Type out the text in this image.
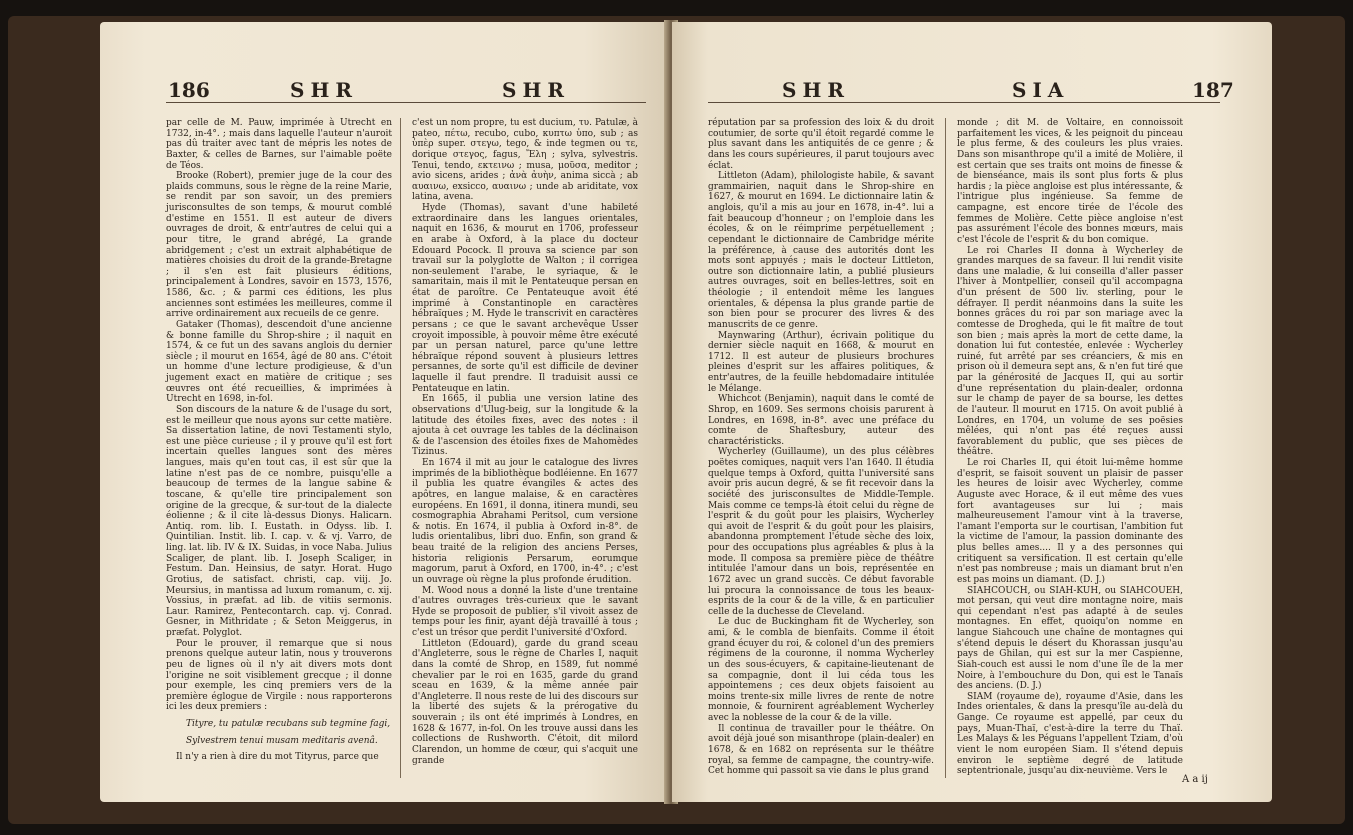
186	SHR	SHR

par celle de M. Pauw, imprimée à Utrecht en 1732, in-4°. ; mais dans laquelle l'auteur n'auroit pas dû traiter avec tant de mépris les notes de Baxter, & celles de Barnes, sur l'aimable poëte de Téos.

Brooke (Robert), premier juge de la cour des plaids communs, sous le règne de la reine Marie, se rendit par son savoir, un des premiers jurisconsultes de son temps, & mourut comblé d'estime en 1551. Il est auteur de divers ouvrages de droit, & entr'autres de celui qui a pour titre, le grand abrégé, La grande abridgement ; c'est un extrait alphabétique de matières choisies du droit de la grande-Bretagne ; il s'en est fait plusieurs éditions, principalement à Londres, savoir en 1573, 1576, 1586, &c. ; & parmi ces éditions, les plus anciennes sont estimées les meilleures, comme il arrive ordinairement aux recueils de ce genre.

Gataker (Thomas), descendoit d'une ancienne & bonne famille du Shrop-shire ; il naquit en 1574, & ce fut un des savans anglois du dernier siècle ; il mourut en 1654, âgé de 80 ans. C'étoit un homme d'une lecture prodigieuse, & d'un jugement exact en matière de critique ; ses œuvres ont été recueillies, & imprimées à Utrecht en 1698, in-fol.

Son discours de la nature & de l'usage du sort, est le meilleur que nous ayons sur cette matière. Sa dissertation latine, de novi Testamenti stylo, est une pièce curieuse ; il y prouve qu'il est fort incertain quelles langues sont des mères langues, mais qu'en tout cas, il est sûr que la latine n'est pas de ce nombre, puisqu'elle a beaucoup de termes de la langue sabine & toscane, & qu'elle tire principalement son origine de la grecque, & sur-tout de la dialecte éolienne ; & il cite là-dessus Dionys. Halicarn. Antiq. rom. lib. I. Eustath. in Odyss. lib. I. Quintilian. Instit. lib. I. cap. v. & vj. Varro, de ling. lat. lib. IV & IX. Suidas, in voce Naba. Julius Scaliger, de plant. lib. I. Joseph Scaliger, in Festum. Dan. Heinsius, de satyr. Horat. Hugo Grotius, de satisfact. christi, cap. viij. Jo. Meursius, in mantissa ad luxum romanum, c. xij. Vossius, in præfat. ad lib. de vitiis sermonis. Laur. Ramirez, Pentecontarch. cap. vj. Conrad. Gesner, in Mithridate ; & Seton Meiggerus, in præfat. Polyglot.

Pour le prouver, il remarque que si nous prenons quelque auteur latin, nous y trouverons peu de lignes où il n'y ait divers mots dont l'origine ne soit visiblement grecque ; il donne pour exemple, les cinq premiers vers de la première églogue de Virgile : nous rapporterons ici les deux premiers :

Tityre, tu patulæ recubans sub tegmine fagi,
Sylvestrem tenui musam meditaris avenâ.

Il n'y a rien à dire du mot Tityrus, parce que

c'est un nom propre, tu est ducium, τυ. Patulæ, à pateo, πέτω, recubo, cubo, κυπτω ὑπο, sub ; as ὑπὲρ super. στεγω, tego, & inde tegmen ou τε, dorique στεγος, fagus, Ἔλη ; sylva, sylvestris. Tenui, tendo, εκτεινω ; musa, μοῦσα, meditor ; avio sicens, arides ; ἀνὰ ἀυὴν, anima siccà ; ab αυαινω, exsicco, αυαινω ; unde ab ariditate, vox latina, avena.

Hyde (Thomas), savant d'une habileté extraordinaire dans les langues orientales, naquit en 1636, & mourut en 1706, professeur en arabe à Oxford, à la place du docteur Edouard Pocock. Il prouva sa science par son travail sur la polyglotte de Walton ; il corrigea non-seulement l'arabe, le syriaque, & le samaritain, mais il mit le Pentateuque persan en état de paroître. Ce Pentateuque avoit été imprimé à Constantinople en caractères hébraïques ; M. Hyde le transcrivit en caractères persans ; ce que le savant archevêque Usser croyoit impossible, à pouvoir même être exécuté par un persan naturel, parce qu'une lettre hébraïque répond souvent à plusieurs lettres persannes, de sorte qu'il est difficile de deviner laquelle il faut prendre. Il traduisit aussi ce Pentateuque en latin.

En 1665, il publia une version latine des observations d'Ulug-beig, sur la longitude & la latitude des étoiles fixes, avec des notes : il ajouta à cet ouvrage les tables de la déclinaison & de l'ascension des étoiles fixes de Mahomèdes Tizinus.

En 1674 il mit au jour le catalogue des livres imprimés de la bibliothèque bodléienne. En 1677 il publia les quatre évangiles & actes des apôtres, en langue malaise, & en caractères européens. En 1691, il donna, itinera mundi, seu cosmographia Abrahami Peritsol, cum versione & notis. En 1674, il publia à Oxford in-8°. de ludis orientalibus, libri duo. Enfin, son grand & beau traité de la religion des anciens Perses, historia religionis Persarum, eorumque magorum, parut à Oxford, en 1700, in-4°. ; c'est un ouvrage où règne la plus profonde érudition.

M. Wood nous a donné la liste d'une trentaine d'autres ouvrages très-curieux que le savant Hyde se proposoit de publier, s'il vivoit assez de temps pour les finir, ayant déjà travaillé à tous ; c'est un trésor que perdit l'université d'Oxford.

Littleton (Edouard), garde du grand sceau d'Angleterre, sous le règne de Charles I, naquit dans la comté de Shrop, en 1589, fut nommé chevalier par le roi en 1635, garde du grand sceau en 1639, & la même année pair d'Angleterre. Il nous reste de lui des discours sur la liberté des sujets & la prérogative du souverain ; ils ont été imprimés à Londres, en 1628 & 1677, in-fol. On les trouve aussi dans les collections de Rushworth. C'étoit, dit milord Clarendon, un homme de cœur, qui s'acquit une grande

SHR	SIA	187

réputation par sa profession des loix & du droit coutumier, de sorte qu'il étoit regardé comme le plus savant dans les antiquités de ce genre ; & dans les cours supérieures, il parut toujours avec éclat.

Littleton (Adam), philologiste habile, & savant grammairien, naquit dans le Shrop-shire en 1627, & mourut en 1694. Le dictionnaire latin & anglois, qu'il a mis au jour en 1678, in-4°. lui a fait beaucoup d'honneur ; on l'emploie dans les écoles, & on le réimprime perpétuellement ; cependant le dictionnaire de Cambridge mérite la préférence, à cause des autorités dont les mots sont appuyés ; mais le docteur Littleton, outre son dictionnaire latin, a publié plusieurs autres ouvrages, soit en belles-lettres, soit en théologie ; il entendoit même les langues orientales, & dépensa la plus grande partie de son bien pour se procurer des livres & des manuscrits de ce genre.

Maynwaring (Arthur), écrivain politique du dernier siècle naquit en 1668, & mourut en 1712. Il est auteur de plusieurs brochures pleines d'esprit sur les affaires politiques, & entr'autres, de la feuille hebdomadaire intitulée le Mélange.

Whichcot (Benjamin), naquit dans le comté de Shrop, en 1609. Ses sermons choisis parurent à Londres, en 1698, in-8°. avec une préface du comte de Shaftesbury, auteur des charactéristicks.

Wycherley (Guillaume), un des plus célèbres poëtes comiques, naquit vers l'an 1640. Il étudia quelque temps à Oxford, quitta l'université sans avoir pris aucun degré, & se fit recevoir dans la société des jurisconsultes de Middle-Temple. Mais comme ce temps-là étoit celui du règne de l'esprit & du goût pour les plaisirs, Wycherley qui avoit de l'esprit & du goût pour les plaisirs, abandonna promptement l'étude sèche des loix, pour des occupations plus agréables & plus à la mode. Il composa sa première pièce de théâtre intitulée l'amour dans un bois, représentée en 1672 avec un grand succès. Ce début favorable lui procura la connoissance de tous les beaux-esprits de la cour & de la ville, & en particulier celle de la duchesse de Cleveland.

Le duc de Buckingham fit de Wycherley, son ami, & le combla de bienfaits. Comme il étoit grand écuyer du roi, & colonel d'un des premiers régimens de la couronne, il nomma Wycherley un des sous-écuyers, & capitaine-lieutenant de sa compagnie, dont il lui céda tous les appointemens ; ces deux objets faisoient au moins trente-six mille livres de rente de notre monnoie, & fournirent agréablement Wycherley avec la noblesse de la cour & de la ville.

Il continua de travailler pour le théâtre. On avoit déjà joué son misanthrope (plain-dealer) en 1678, & en 1682 on représenta sur le théâtre royal, sa femme de campagne, the country-wife. Cet homme qui passoit sa vie dans le plus grand

monde ; dit M. de Voltaire, en connoissoit parfaitement les vices, & les peignoit du pinceau le plus ferme, & des couleurs les plus vraies. Dans son misanthrope qu'il a imité de Molière, il est certain que ses traits ont moins de finesse & de bienséance, mais ils sont plus forts & plus hardis ; la pièce angloise est plus intéressante, & l'intrigue plus ingénieuse. Sa femme de campagne, est encore tirée de l'école des femmes de Molière. Cette pièce angloise n'est pas assurément l'école des bonnes mœurs, mais c'est l'école de l'esprit & du bon comique.

Le roi Charles II donna à Wycherley de grandes marques de sa faveur. Il lui rendit visite dans une maladie, & lui conseilla d'aller passer l'hiver à Montpellier, conseil qu'il accompagna d'un présent de 500 liv. sterling, pour le défrayer. Il perdit néanmoins dans la suite les bonnes grâces du roi par son mariage avec la comtesse de Drogheda, qui le fit maître de tout son bien ; mais après la mort de cette dame, la donation lui fut contestée, enlevée : Wycherley ruiné, fut arrêté par ses créanciers, & mis en prison où il demeura sept ans, & n'en fut tiré que par la générosité de Jacques II, qui au sortir d'une représentation du plain-dealer, ordonna sur le champ de payer de sa bourse, les dettes de l'auteur. Il mourut en 1715. On avoit publié à Londres, en 1704, un volume de ses poësies mêlées, qui n'ont pas été reçues aussi favorablement du public, que ses pièces de théâtre.

Le roi Charles II, qui étoit lui-même homme d'esprit, se faisoit souvent un plaisir de passer les heures de loisir avec Wycherley, comme Auguste avec Horace, & il eut même des vues fort avantageuses sur lui ; mais malheureusement l'amour vint à la traverse, l'amant l'emporta sur le courtisan, l'ambition fut la victime de l'amour, la passion dominante des plus belles ames.... Il y a des personnes qui critiquent sa versification. Il est certain qu'elle n'est pas nombreuse ; mais un diamant brut n'en est pas moins un diamant. (D. J.)

SIAHCOUCH, ou SIAH-KUH, ou SIAHCOUEH, mot persan, qui veut dire montagne noire, mais qui cependant n'est pas adapté à de seules montagnes. En effet, quoiqu'on nomme en langue Siahcouch une chaîne de montagnes qui s'étend depuis le désert du Khorassan jusqu'au pays de Ghilan, qui est sur la mer Caspienne, Siah-couch est aussi le nom d'une île de la mer Noire, à l'embouchure du Don, qui est le Tanaïs des anciens. (D. J.)

SIAM (royaume de), royaume d'Asie, dans les Indes orientales, & dans la presqu'île au-delà du Gange. Ce royaume est appellé, par ceux du pays, Muan-Thaï, c'est-à-dire la terre du Thaï. Les Malays & les Péguans l'appellent Tziam, d'où vient le nom européen Siam. Il s'étend depuis environ le septième degré de latitude septentrionale, jusqu'au dix-neuvième. Vers le

A a ij
